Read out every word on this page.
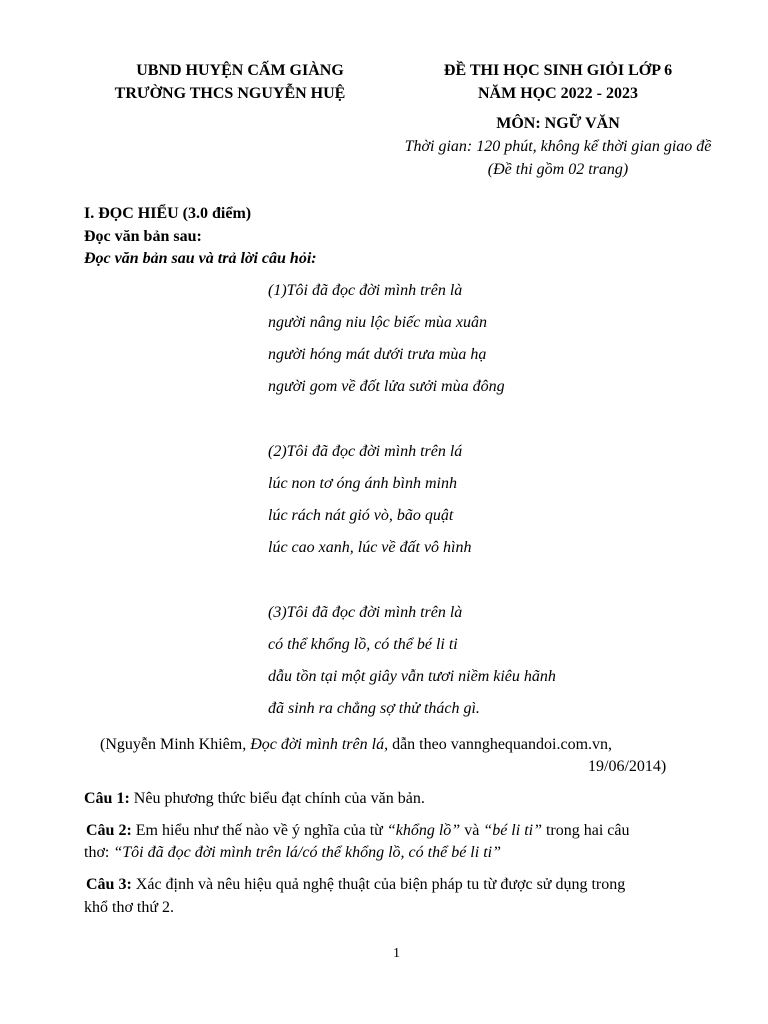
UBND HUYỆN CẤM GIÀNG
TRƯỜNG THCS NGUYỄN HUỆ
ĐỀ THI HỌC SINH GIỎI LỚP 6
NĂM HỌC 2022 - 2023
MÔN: NGỮ VĂN
Thời gian: 120 phút, không kể thời gian giao đề
(Đề thi gồm 02 trang)
I. ĐỌC HIỂU (3.0 điểm)
Đọc văn bản sau:
Đọc văn bản sau và trả lời câu hỏi:
(1)Tôi đã đọc đời mình trên là
người nâng niu lộc biếc mùa xuân
người hóng mát dưới trưa mùa hạ
người gom về đốt lửa sưởi mùa đông
(2)Tôi đã đọc đời mình trên lá
lúc non tơ óng ánh bình minh
lúc rách nát gió vò, bão quật
lúc cao xanh, lúc về đất vô hình
(3)Tôi đã đọc đời mình trên là
có thể khổng lồ, có thể bé li ti
dẫu tồn tại một giây vẫn tươi niềm kiêu hãnh
đã sinh ra chẳng sợ thử thách gì.
(Nguyễn Minh Khiêm, Đọc đời mình trên lá, dẫn theo vannghequandoi.com.vn,
19/06/2014)
Câu 1: Nêu phương thức biểu đạt chính của văn bản.
Câu 2: Em hiểu như thế nào về ý nghĩa của từ “khổng lồ” và “bé li ti” trong hai câu
thơ: “Tôi đã đọc đời mình trên lá/có thể khổng lồ, có thể bé li ti”
Câu 3: Xác định và nêu hiệu quả nghệ thuật của biện pháp tu từ được sử dụng trong
khổ thơ thứ 2.
1
